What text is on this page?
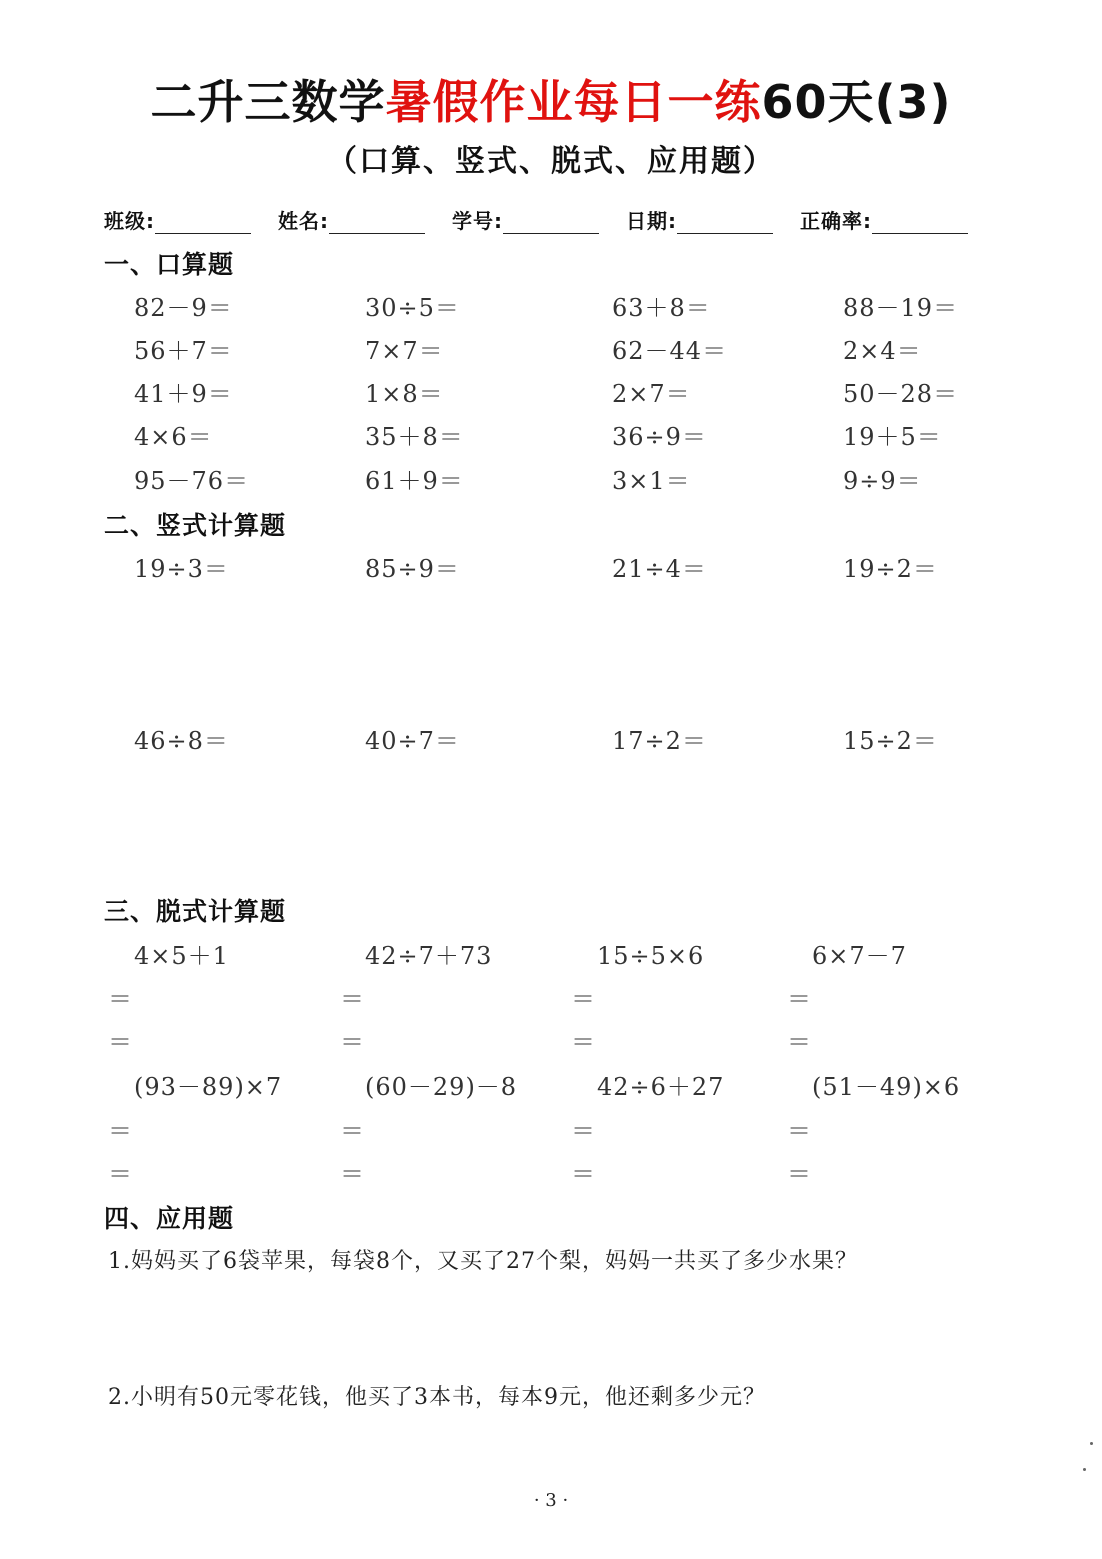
二升三数学暑假作业每日一练60天(3)
（口算、竖式、脱式、应用题）
班级:	姓名:	学号:	日期:	正确率:
一、口算题
82－9＝	30÷5＝	63＋8＝	88－19＝
56＋7＝	7×7＝	62－44＝	2×4＝
41＋9＝	1×8＝	2×7＝	50－28＝
4×6＝	35＋8＝	36÷9＝	19＋5＝
95－76＝	61＋9＝	3×1＝	9÷9＝
二、竖式计算题
19÷3＝	85÷9＝	21÷4＝	19÷2＝
46÷8＝	40÷7＝	17÷2＝	15÷2＝
三、脱式计算题
4×5＋1	42÷7＋73	15÷5×6	6×7－7
＝	＝	＝	＝
＝	＝	＝	＝
(93－89)×7	(60－29)－8	42÷6＋27	(51－49)×6
＝	＝	＝	＝
＝	＝	＝	＝
四、应用题
1.妈妈买了6袋苹果，每袋8个，又买了27个梨，妈妈一共买了多少水果？
2.小明有50元零花钱，他买了3本书，每本9元，他还剩多少元？
· 3 ·
